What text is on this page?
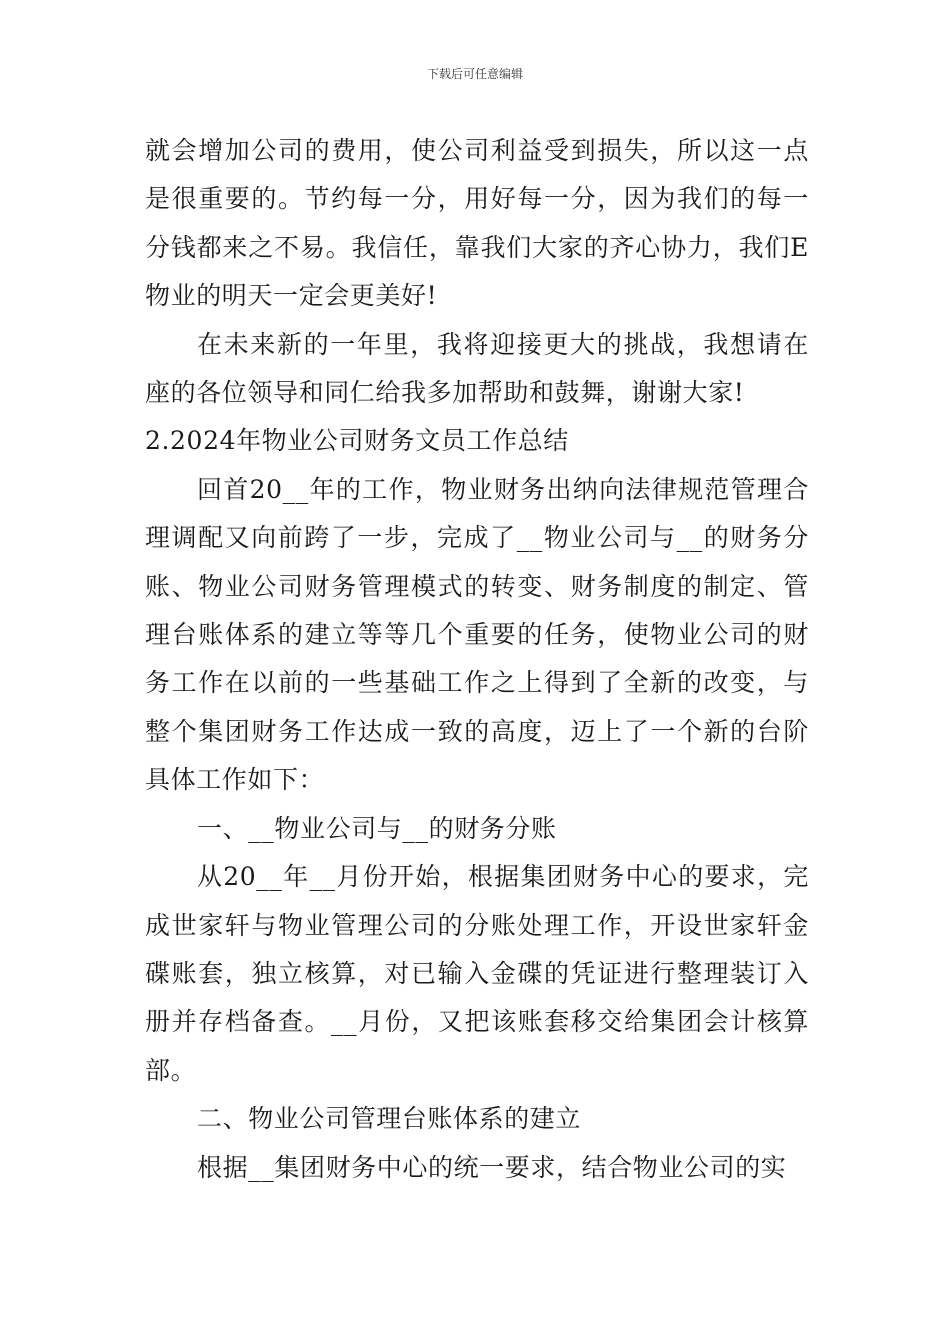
下载后可任意编辑

就会增加公司的费用，使公司利益受到损失，所以这一点是很重要的。节约每一分，用好每一分，因为我们的每一分钱都来之不易。我信任，靠我们大家的齐心协力，我们E物业的明天一定会更美好!

在未来新的一年里，我将迎接更大的挑战，我想请在座的各位领导和同仁给我多加帮助和鼓舞，谢谢大家!

2.2024年物业公司财务文员工作总结

回首20__年的工作，物业财务出纳向法律规范管理合理调配又向前跨了一步，完成了__物业公司与__的财务分账、物业公司财务管理模式的转变、财务制度的制定、管理台账体系的建立等等几个重要的任务，使物业公司的财务工作在以前的一些基础工作之上得到了全新的改变，与整个集团财务工作达成一致的高度，迈上了一个新的台阶具体工作如下：

一、__物业公司与__的财务分账

从20__年__月份开始，根据集团财务中心的要求，完成世家轩与物业管理公司的分账处理工作，开设世家轩金碟账套，独立核算，对已输入金碟的凭证进行整理装订入册并存档备查。__月份，又把该账套移交给集团会计核算部。

二、物业公司管理台账体系的建立

根据__集团财务中心的统一要求，结合物业公司的实
